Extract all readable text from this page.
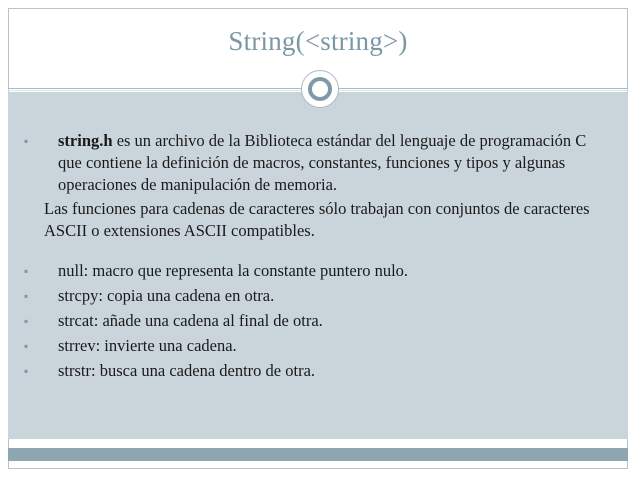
String(<string>)
▪ string.h es un archivo de la Biblioteca estándar del lenguaje de programación C que contiene la definición de macros, constantes, funciones y tipos y algunas operaciones de manipulación de memoria.
Las funciones para cadenas de caracteres sólo trabajan con conjuntos de caracteres ASCII o extensiones ASCII compatibles.
▪ null: macro que representa la constante puntero nulo.
▪ strcpy: copia una cadena en otra.
▪ strcat: añade una cadena al final de otra.
▪ strrev: invierte una cadena.
▪ strstr: busca una cadena dentro de otra.
